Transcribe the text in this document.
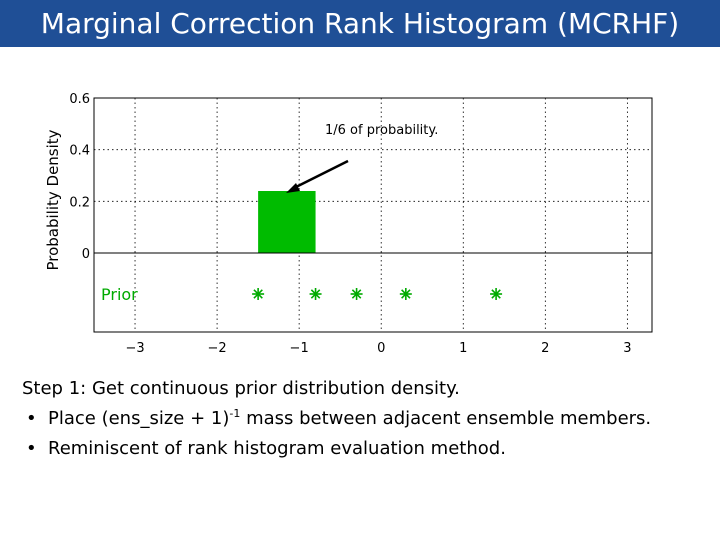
Marginal Correction Rank Histogram (MCRHF)
0
0.2
0.4
0.6
−3	−2	−1	0	1	2	3
Probability Density
Prior
1/6 of probability.
Step 1: Get continuous prior distribution density.
• Place (ens_size + 1)$^{-1}$ mass between adjacent ensemble members.
• Reminiscent of rank histogram evaluation method.
